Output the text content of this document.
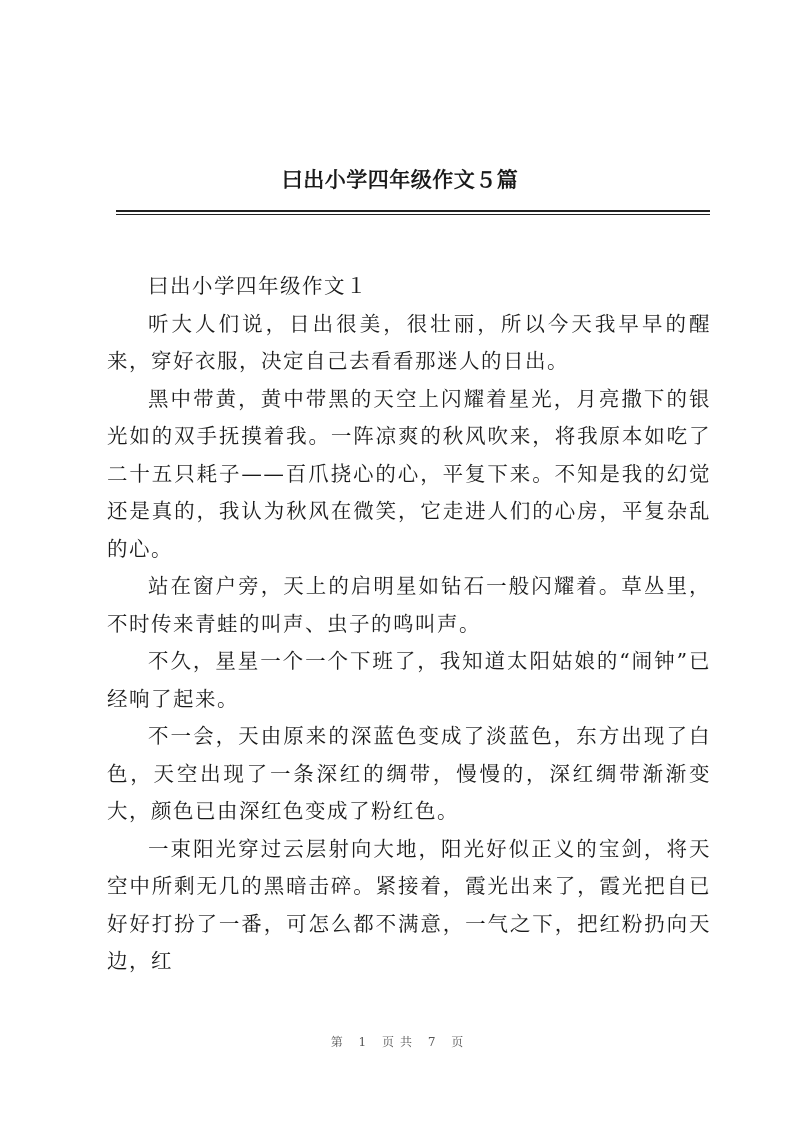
曰出小学四年级作文５篇

曰出小学四年级作文１

听大人们说，日出很美，很壮丽，所以今天我早早的醒来，穿好衣服，决定自己去看看那迷人的日出。

黑中带黄，黄中带黑的天空上闪耀着星光，月亮撒下的银光如的双手抚摸着我。一阵凉爽的秋风吹来，将我原本如吃了二十五只耗子——百爪挠心的心，平复下来。不知是我的幻觉还是真的，我认为秋风在微笑，它走进人们的心房，平复杂乱的心。

站在窗户旁，天上的启明星如钻石一般闪耀着。草丛里，不时传来青蛙的叫声、虫子的鸣叫声。

不久，星星一个一个下班了，我知道太阳姑娘的“闹钟”已经响了起来。

不一会，天由原来的深蓝色变成了淡蓝色，东方出现了白色，天空出现了一条深红的绸带，慢慢的，深红绸带渐渐变大，颜色已由深红色变成了粉红色。

一束阳光穿过云层射向大地，阳光好似正义的宝剑，将天空中所剩无几的黑暗击碎。紧接着，霞光出来了，霞光把自已好好打扮了一番，可怎么都不满意，一气之下，把红粉扔向天边，红

第 1 页共 7 页
